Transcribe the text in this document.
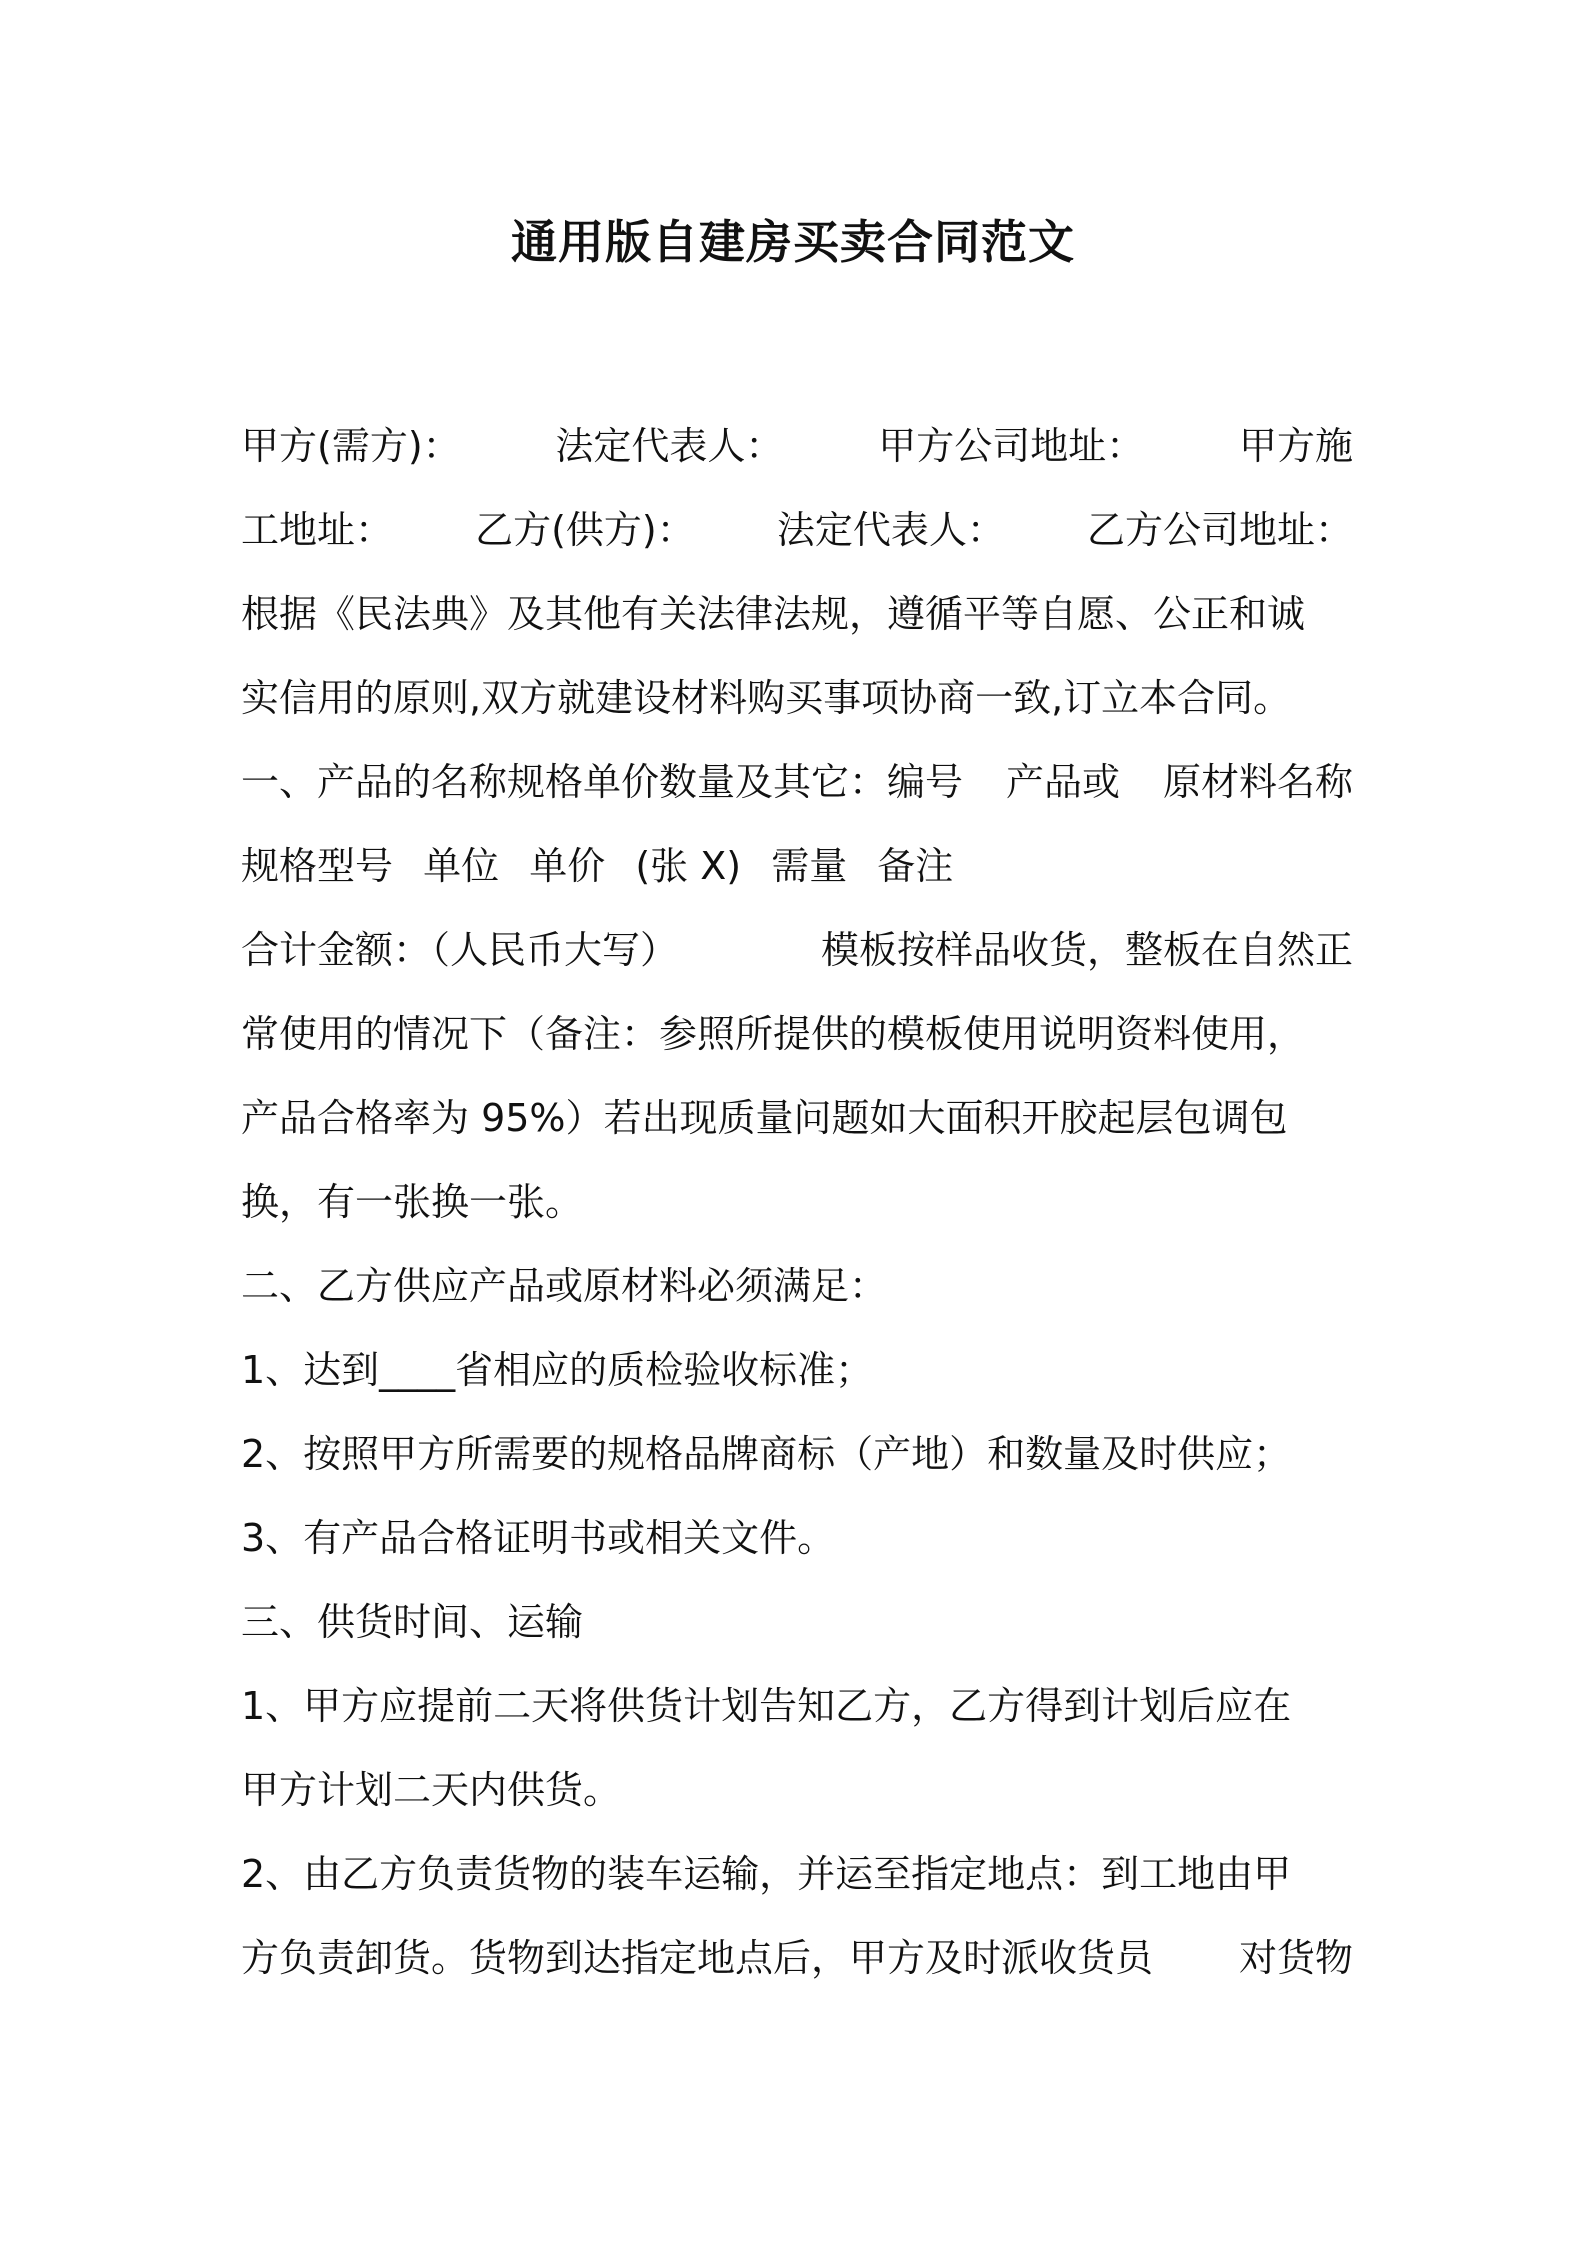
通用版自建房买卖合同范文
甲方(需方)： 法定代表人： 甲方公司地址： 甲方施
工地址： 乙方(供方)： 法定代表人： 乙方公司地址：
根据《民法典》及其他有关法律法规，遵循平等自愿、公正和诚
实信用的原则,双方就建设材料购买事项协商一致,订立本合同。
一、产品的名称规格单价数量及其它：编号 产品或 原材料名称
规格型号 单位 单价 (张 X) 需量 备注
合计金额：（人民币大写）	模板按样品收货，整板在自然正
常使用的情况下（备注：参照所提供的模板使用说明资料使用，
产品合格率为 95%）若出现质量问题如大面积开胶起层包调包
换，有一张换一张。
二、乙方供应产品或原材料必须满足：
1、达到____省相应的质检验收标准；
2、按照甲方所需要的规格品牌商标（产地）和数量及时供应；
3、有产品合格证明书或相关文件。
三、供货时间、运输
1、甲方应提前二天将供货计划告知乙方，乙方得到计划后应在
甲方计划二天内供货。
2、由乙方负责货物的装车运输，并运至指定地点：到工地由甲
方负责卸货。货物到达指定地点后，甲方及时派收货员 对货物
